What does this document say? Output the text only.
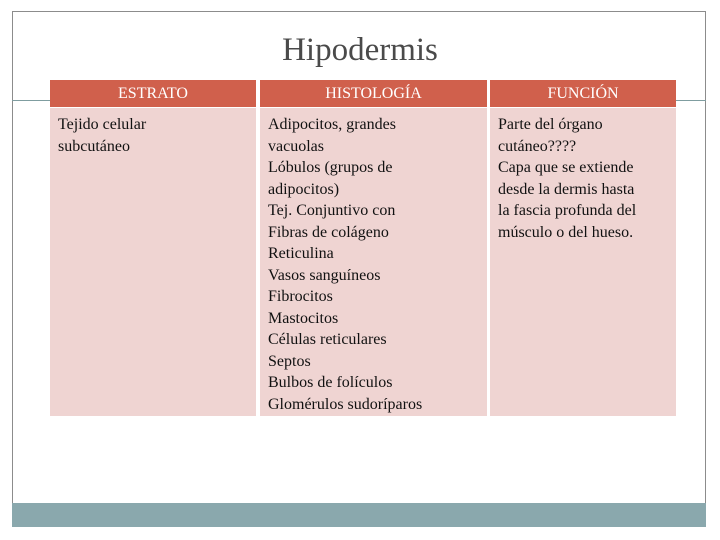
Hipodermis
ESTRATO	HISTOLOGÍA	FUNCIÓN
Tejido celular
subcutáneo
Adipocitos, grandes
vacuolas
Lóbulos (grupos de
adipocitos)
Tej. Conjuntivo con
Fibras de colágeno
Reticulina
Vasos sanguíneos
Fibrocitos
Mastocitos
Células reticulares
Septos
Bulbos de folículos
Glomérulos sudoríparos
Parte del órgano
cutáneo????
Capa que se extiende
desde la dermis hasta
la fascia profunda del
músculo o del hueso.
